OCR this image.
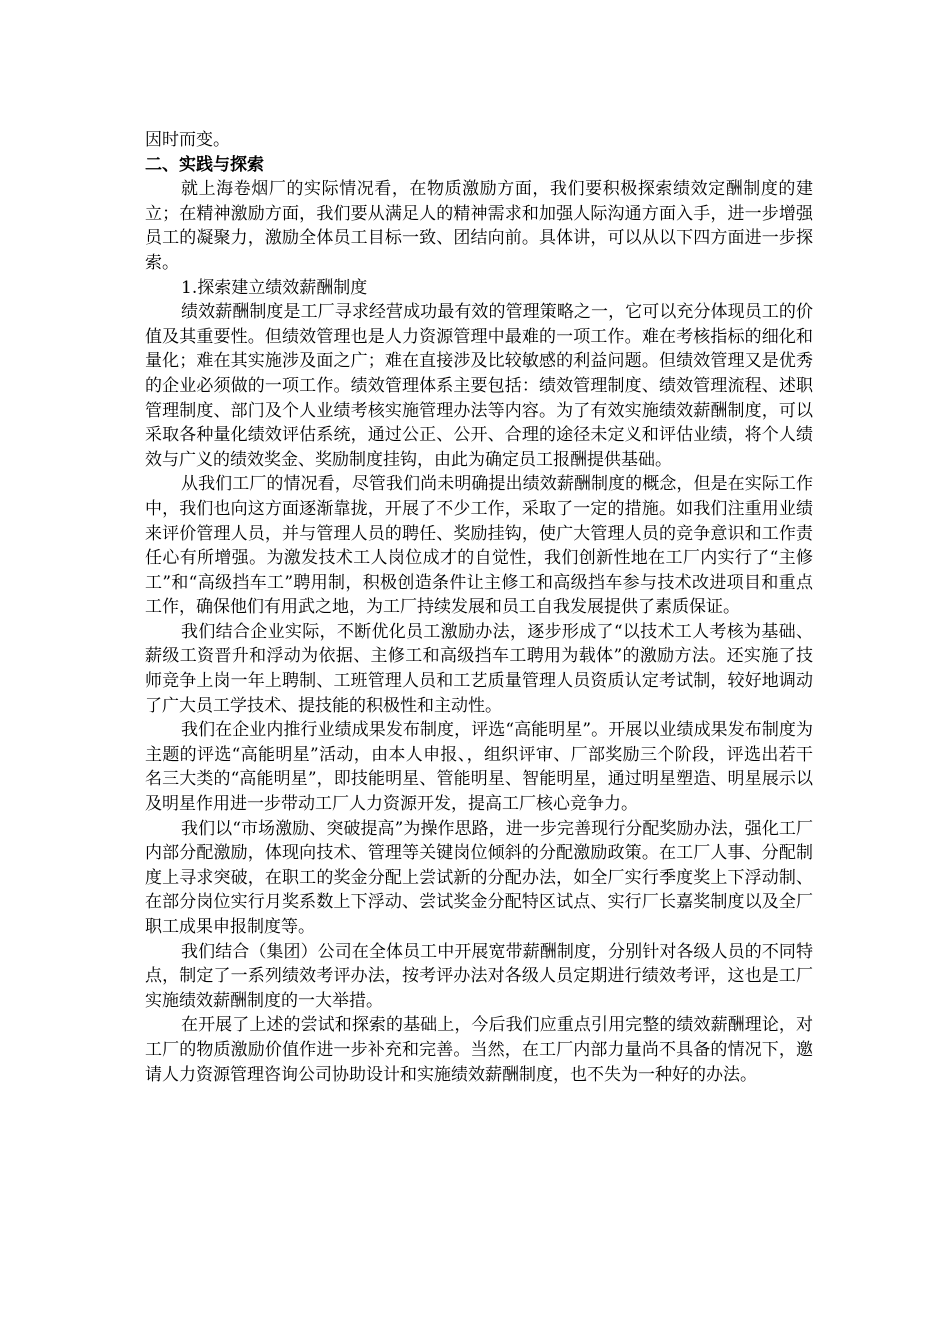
因时而变。

二、实践与探索

就上海卷烟厂的实际情况看，在物质激励方面，我们要积极探索绩效定酬制度的建立；在精神激励方面，我们要从满足人的精神需求和加强人际沟通方面入手，进一步增强员工的凝聚力，激励全体员工目标一致、团结向前。具体讲，可以从以下四方面进一步探索。

1.探索建立绩效薪酬制度

绩效薪酬制度是工厂寻求经营成功最有效的管理策略之一，它可以充分体现员工的价值及其重要性。但绩效管理也是人力资源管理中最难的一项工作。难在考核指标的细化和量化；难在其实施涉及面之广；难在直接涉及比较敏感的利益问题。但绩效管理又是优秀的企业必须做的一项工作。绩效管理体系主要包括：绩效管理制度、绩效管理流程、述职管理制度、部门及个人业绩考核实施管理办法等内容。为了有效实施绩效薪酬制度，可以采取各种量化绩效评估系统，通过公正、公开、合理的途径未定义和评估业绩，将个人绩效与广义的绩效奖金、奖励制度挂钩，由此为确定员工报酬提供基础。

从我们工厂的情况看，尽管我们尚未明确提出绩效薪酬制度的概念，但是在实际工作中，我们也向这方面逐渐靠拢，开展了不少工作，采取了一定的措施。如我们注重用业绩来评价管理人员，并与管理人员的聘任、奖励挂钩，使广大管理人员的竞争意识和工作责任心有所增强。为激发技术工人岗位成才的自觉性，我们创新性地在工厂内实行了“主修工”和“高级挡车工”聘用制，积极创造条件让主修工和高级挡车参与技术改进项目和重点工作，确保他们有用武之地，为工厂持续发展和员工自我发展提供了素质保证。

我们结合企业实际，不断优化员工激励办法，逐步形成了“以技术工人考核为基础、薪级工资晋升和浮动为依据、主修工和高级挡车工聘用为载体”的激励方法。还实施了技师竞争上岗一年上聘制、工班管理人员和工艺质量管理人员资质认定考试制，较好地调动了广大员工学技术、提技能的积极性和主动性。

我们在企业内推行业绩成果发布制度，评选“高能明星”。开展以业绩成果发布制度为主题的评选“高能明星”活动，由本人申报、，组织评审、厂部奖励三个阶段，评选出若干名三大类的“高能明星”，即技能明星、管能明星、智能明星，通过明星塑造、明星展示以及明星作用进一步带动工厂人力资源开发，提高工厂核心竞争力。

我们以“市场激励、突破提高”为操作思路，进一步完善现行分配奖励办法，强化工厂内部分配激励，体现向技术、管理等关键岗位倾斜的分配激励政策。在工厂人事、分配制度上寻求突破，在职工的奖金分配上尝试新的分配办法，如全厂实行季度奖上下浮动制、在部分岗位实行月奖系数上下浮动、尝试奖金分配特区试点、实行厂长嘉奖制度以及全厂职工成果申报制度等。

我们结合（集团）公司在全体员工中开展宽带薪酬制度，分别针对各级人员的不同特点，制定了一系列绩效考评办法，按考评办法对各级人员定期进行绩效考评，这也是工厂实施绩效薪酬制度的一大举措。

在开展了上述的尝试和探索的基础上，今后我们应重点引用完整的绩效薪酬理论，对工厂的物质激励价值作进一步补充和完善。当然，在工厂内部力量尚不具备的情况下，邀请人力资源管理咨询公司协助设计和实施绩效薪酬制度，也不失为一种好的办法。
